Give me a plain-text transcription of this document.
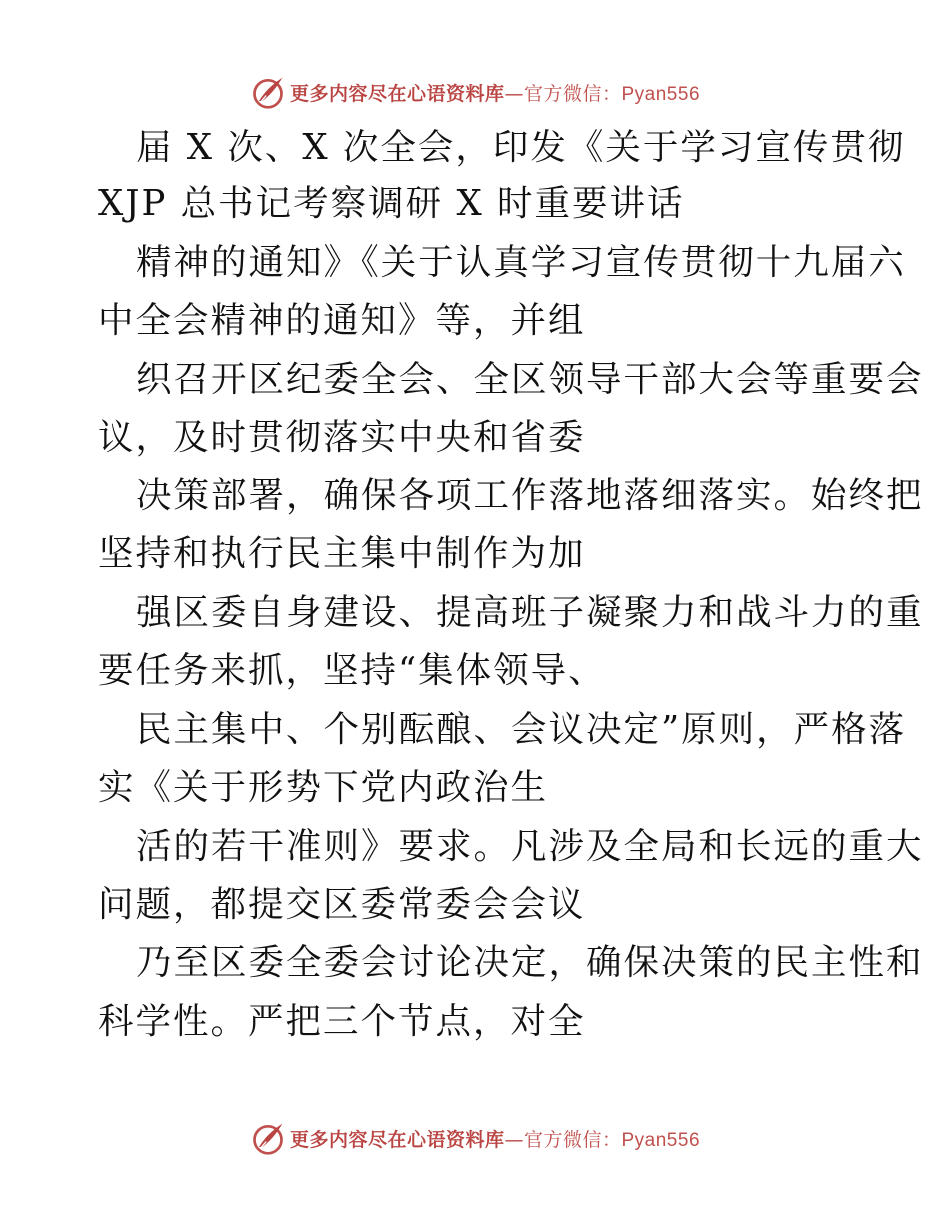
更多内容尽在心语资料库—官方微信：Pyan556
届 X 次、X 次全会，印发《关于学习宣传贯彻
XJP 总书记考察调研 X 时重要讲话
精神的通知》《关于认真学习宣传贯彻十九届六
中全会精神的通知》等，并组
织召开区纪委全会、全区领导干部大会等重要会
议，及时贯彻落实中央和省委
决策部署，确保各项工作落地落细落实。始终把
坚持和执行民主集中制作为加
强区委自身建设、提高班子凝聚力和战斗力的重
要任务来抓，坚持“集体领导、
民主集中、个别酝酿、会议决定”原则，严格落
实《关于形势下党内政治生
活的若干准则》要求。凡涉及全局和长远的重大
问题，都提交区委常委会会议
乃至区委全委会讨论决定，确保决策的民主性和
科学性。严把三个节点，对全
更多内容尽在心语资料库—官方微信：Pyan556
